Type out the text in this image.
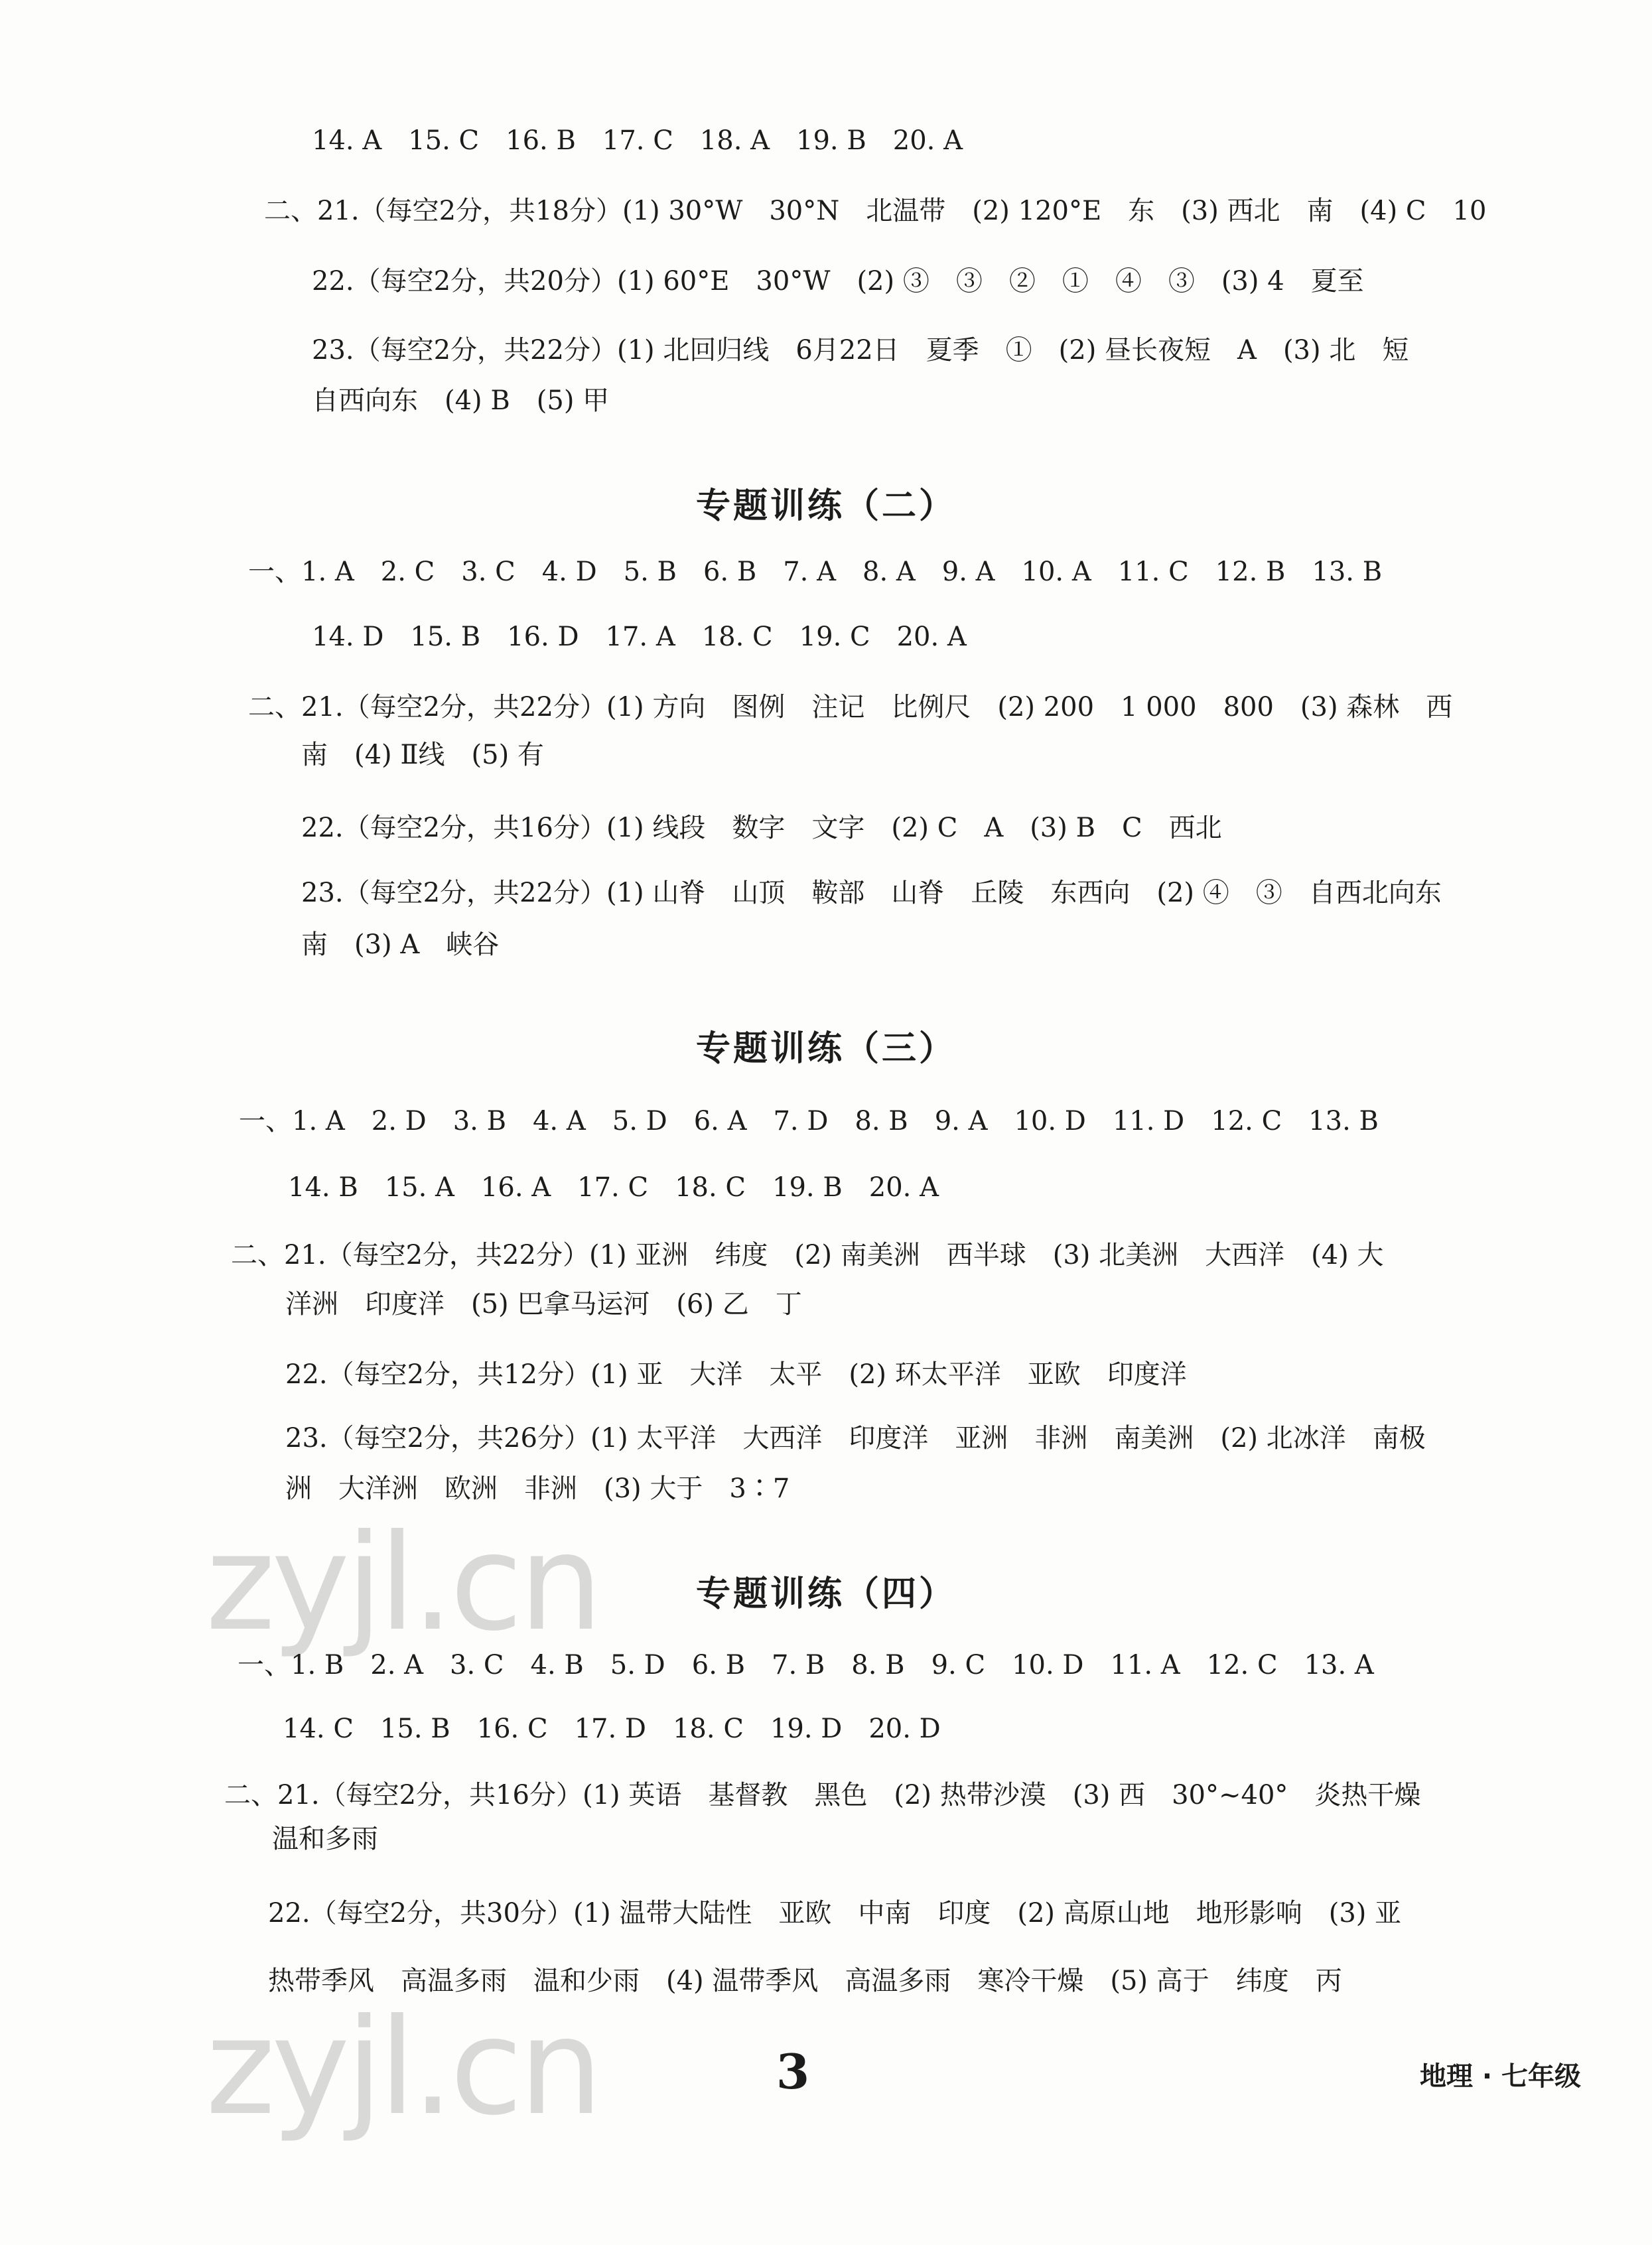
14. A　15. C　16. B　17. C　18. A　19. B　20. A
二、21.（每空2分，共18分）(1) 30°W　30°N　北温带　(2) 120°E　东　(3) 西北　南　(4) C　10
22.（每空2分，共20分）(1) 60°E　30°W　(2) ③　③　②　①　④　③　(3) 4　夏至
23.（每空2分，共22分）(1) 北回归线　6月22日　夏季　①　(2) 昼长夜短　A　(3) 北　短
自西向东　(4) B　(5) 甲
专题训练（二）
一、1. A　2. C　3. C　4. D　5. B　6. B　7. A　8. A　9. A　10. A　11. C　12. B　13. B
14. D　15. B　16. D　17. A　18. C　19. C　20. A
二、21.（每空2分，共22分）(1) 方向　图例　注记　比例尺　(2) 200　1 000　800　(3) 森林　西
南　(4) Ⅱ线　(5) 有
22.（每空2分，共16分）(1) 线段　数字　文字　(2) C　A　(3) B　C　西北
23.（每空2分，共22分）(1) 山脊　山顶　鞍部　山脊　丘陵　东西向　(2) ④　③　自西北向东
南　(3) A　峡谷
专题训练（三）
一、1. A　2. D　3. B　4. A　5. D　6. A　7. D　8. B　9. A　10. D　11. D　12. C　13. B
14. B　15. A　16. A　17. C　18. C　19. B　20. A
二、21.（每空2分，共22分）(1) 亚洲　纬度　(2) 南美洲　西半球　(3) 北美洲　大西洋　(4) 大
洋洲　印度洋　(5) 巴拿马运河　(6) 乙　丁
22.（每空2分，共12分）(1) 亚　大洋　太平　(2) 环太平洋　亚欧　印度洋
23.（每空2分，共26分）(1) 太平洋　大西洋　印度洋　亚洲　非洲　南美洲　(2) 北冰洋　南极
洲　大洋洲　欧洲　非洲　(3) 大于　3∶7
zyjl.cn	专题训练（四）
一、1. B　2. A　3. C　4. B　5. D　6. B　7. B　8. B　9. C　10. D　11. A　12. C　13. A
14. C　15. B　16. C　17. D　18. C　19. D　20. D
二、21.（每空2分，共16分）(1) 英语　基督教　黑色　(2) 热带沙漠　(3) 西　30°~40°　炎热干燥
温和多雨
22.（每空2分，共30分）(1) 温带大陆性　亚欧　中南　印度　(2) 高原山地　地形影响　(3) 亚
热带季风　高温多雨　温和少雨　(4) 温带季风　高温多雨　寒冷干燥　(5) 高于　纬度　丙
zyjl.cn	3	地理 · 七年级
